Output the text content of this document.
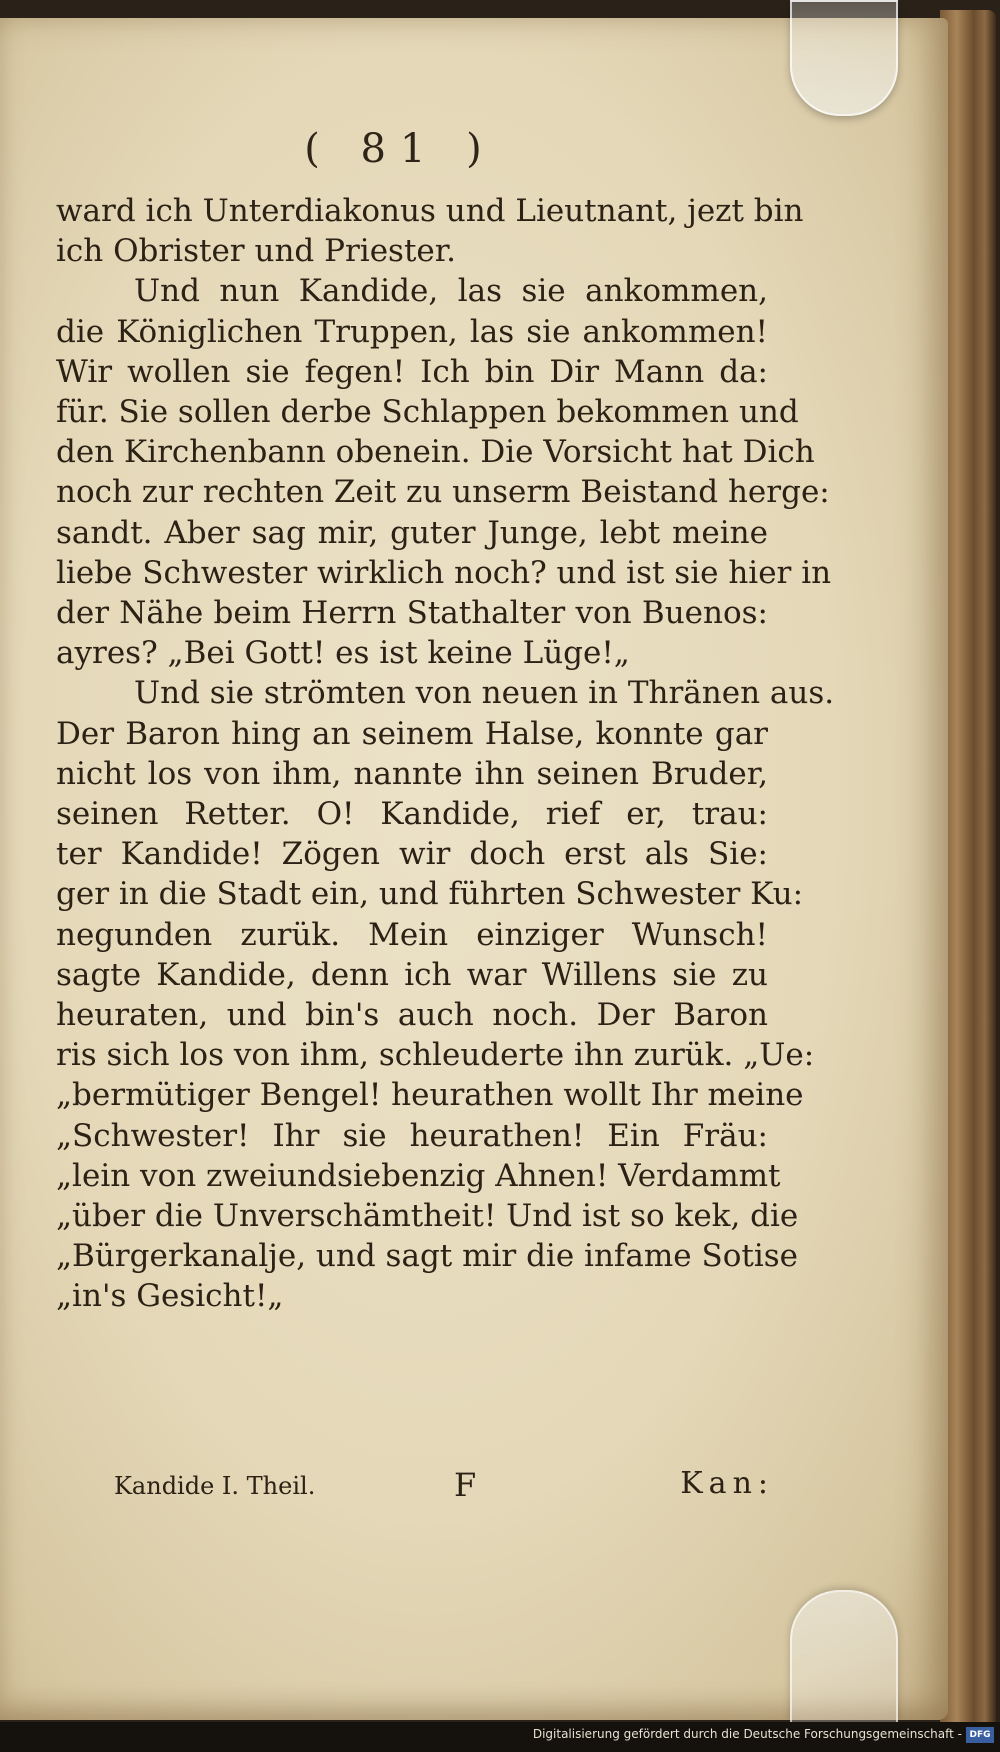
( 81 )
ward ich Unterdiakonus und Lieutnant, jezt bin
ich Obrister und Priester.
Und nun Kandide, las sie ankommen,
die Königlichen Truppen, las sie ankommen!
Wir wollen sie fegen! Ich bin Dir Mann da:
für. Sie sollen derbe Schlappen bekommen und
den Kirchenbann obenein. Die Vorsicht hat Dich
noch zur rechten Zeit zu unserm Beistand herge:
sandt. Aber sag mir, guter Junge, lebt meine
liebe Schwester wirklich noch? und ist sie hier in
der Nähe beim Herrn Stathalter von Buenos:
ayres? „Bei Gott! es ist keine Lüge!„
Und sie strömten von neuen in Thränen aus.
Der Baron hing an seinem Halse, konnte gar
nicht los von ihm, nannte ihn seinen Bruder,
seinen Retter. O! Kandide, rief er, trau:
ter Kandide! Zögen wir doch erst als Sie:
ger in die Stadt ein, und führten Schwester Ku:
negunden zurük. Mein einziger Wunsch!
sagte Kandide, denn ich war Willens sie zu
heuraten, und bin's auch noch. Der Baron
ris sich los von ihm, schleuderte ihn zurük. „Ue:
„bermütiger Bengel! heurathen wollt Ihr meine
„Schwester! Ihr sie heurathen! Ein Fräu:
„lein von zweiundsiebenzig Ahnen! Verdammt
„über die Unverschämtheit! Und ist so kek, die
„Bürgerkanalje, und sagt mir die infame Sotise
„in's Gesicht!„
Kandide I. Theil.	F	Kan:
Digitalisierung gefördert durch die Deutsche Forschungsgemeinschaft - DFG
